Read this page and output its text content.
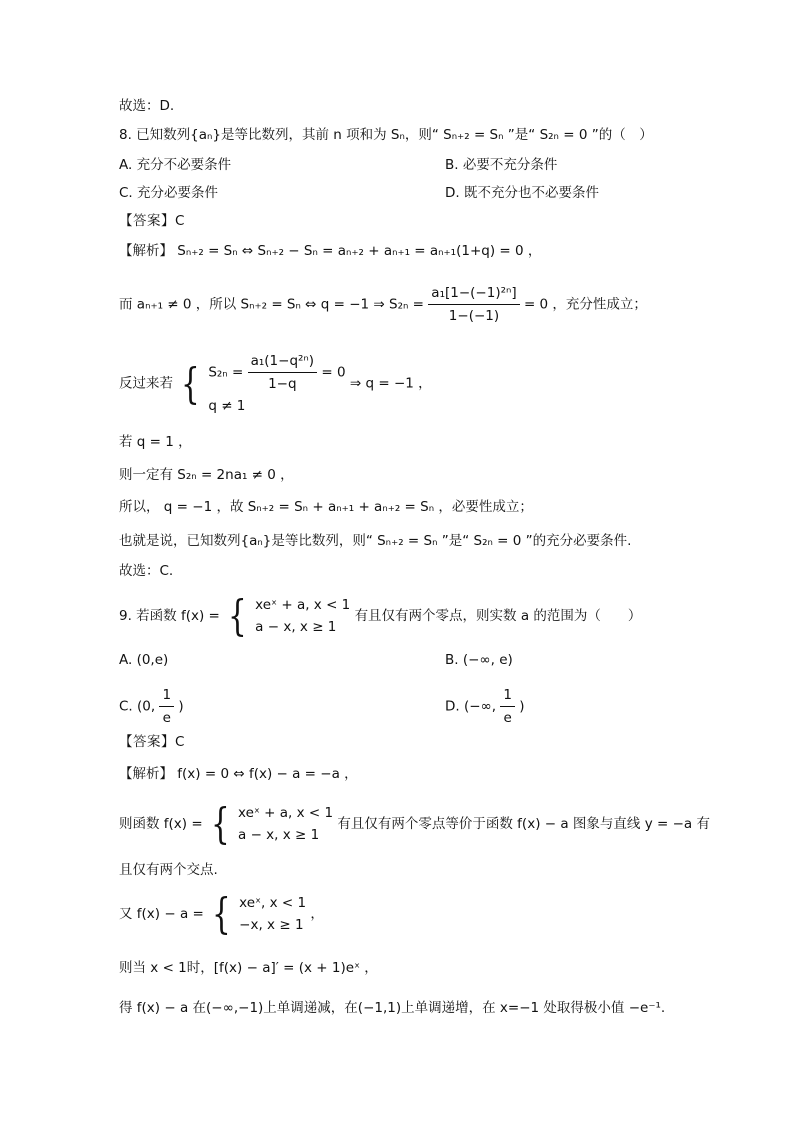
故选：D.
8. 已知数列{aₙ}是等比数列，其前 n 项和为 Sₙ，则“ Sₙ₊₂ = Sₙ ”是“ S₂ₙ = 0 ”的（　）
A. 充分不必要条件	B. 必要不充分条件
C. 充分必要条件	D. 既不充分也不必要条件
【答案】C
【解析】 Sₙ₊₂ = Sₙ ⇔ Sₙ₊₂ − Sₙ = aₙ₊₂ + aₙ₊₁ = aₙ₊₁(1+q) = 0 ，
而 aₙ₊₁ ≠ 0 ，所以 Sₙ₊₂ = Sₙ ⇔ q = −1 ⇒ $S_{2n} = \frac{\text{a₁[1−(−1)²ⁿ]}}{1-(-1)} = 0$ ，充分性成立；
反过来若 { $S_{2n} = \frac{\text{a₁(1−q²ⁿ)}}{1-q} = 0$
q ≠ 1
⇒ q = −1 ，
若 q = 1 ，
则一定有 S₂ₙ = 2na₁ ≠ 0 ，
所以， q = −1 ，故 Sₙ₊₂ = Sₙ + aₙ₊₁ + aₙ₊₂ = Sₙ ，必要性成立；
也就是说，已知数列{aₙ}是等比数列，则“ Sₙ₊₂ = Sₙ ”是“ S₂ₙ = 0 ”的充分必要条件.
故选：C.
9. 若函数 f(x) = { xeˣ + a, x < 1
a − x, x ≥ 1
有且仅有两个零点，则实数 a 的范围为（　　）
A. (0,e)	B. (−∞, e)
C. (0, $\frac{1}{e}$ )	D. (−∞, $\frac{1}{e}$ )
【答案】C
【解析】 f(x) = 0 ⇔ f(x) − a = −a ，
则函数 f(x) = { xeˣ + a, x < 1
a − x, x ≥ 1
有且仅有两个零点等价于函数 f(x) − a 图象与直线 y = −a 有
且仅有两个交点.
又 f(x) − a = { xeˣ, x < 1
−x, x ≥ 1
，
则当 x < 1时，[f(x) − a]′ = (x + 1)eˣ ，
得 f(x) − a 在(−∞,−1)上单调递减，在(−1,1)上单调递增，在 x=−1 处取得极小值 −e⁻¹.
